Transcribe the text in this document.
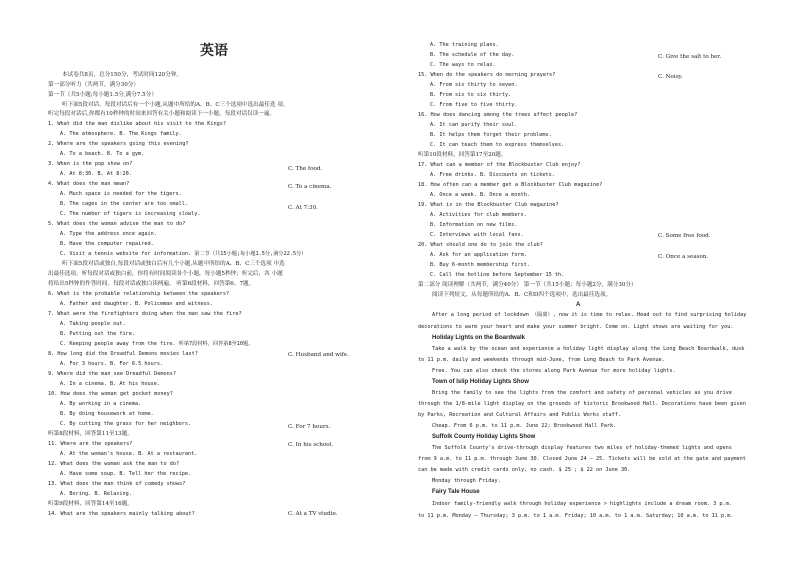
英语
本试卷共8页，总分150分，考试时间120分钟。
第一部分听力（共两节，满分30分）
第一节（共5小题;每小题1.5分,满分7.5分）
听下面5段对话。每段对话后有一个小题,从题中所给的A、B、C三个选项中选出最佳选 项。
听完每段对话后,你都有10秒钟的时间来回答有关小题和阅读下一小题。每段对话仅读一遍。
1. What did the man dislike about his visit to the Kings?
A. The atmosphere. B. The Kings family.
2. Where are the speakers going this evening?
A. To a beach. B. To a gym.
3. When is the pop show on?
A. At 8:30. B. At 8:20.
4. What does the man mean?
A. Much space is needed for the tigers.
B. The cages in the center are too small.
C. The number of tigers is increasing slowly.
5. What does the woman advise the man to do?
A. Type the address once again.
B. Have the computer repaired.
C. Visit a tennis website for information. 第二节（共15小题;每小题1.5分,满分22.5分）
听下面5段对话或独白,每段对话或独白后有几个小题,从题中所给的A、B、C三个选项 中选
出最佳选项。听每段对话或独白前，你将有时间阅读各个小题，每小题5秒钟；听完后，各 小题
将给出5秒钟的作答时间。每段对话或独白读两遍。 听第6段材料，回答第6、7题。
6. What is the probable relationship between the speakers?
A. Father and daughter. B. Policeman and witness.
7. What were the firefighters doing when the man saw the fire?
A. Taking people out.
B. Putting out the fire.
C. Keeping people away from the fire. 听第7段材料，回答第8至10题。
8. How long did the Dreadful Demons movies last?
A. For 3 hours. B. For 6.5 hours.
9. Where did the man see Dreadful Demons?
A. In a cinema. B. At his house.
10. How does the woman get pocket money?
A. By working in a cinema.
B. By doing housework at home.
C. By cutting the grass for her neighbors.
听第8段材料，回答第11至13题。
11. Where are the speakers?
A. At the woman's house. B. At a restaurant.
12. What does the woman ask the man to do?
A. Have some soup. B. Tell her the recipe.
13. What does the man think of comedy shows?
A. Boring. B. Relaxing.
听第9段材料，回答第14至16题。
14. What are the speakers mainly talking about?
C. The food.
C. To a cinema.
C. At 7:30.
C. Husband and wife.
C. For 7 hours.
C. In his school.
C. At a TV studio.
A. The training plans.
B. The schedule of the day.
C. The ways to relax.
15. When do the speakers do morning prayers?
A. From six thirty to seven.
B. From six to six thirty.
C. From five to five thirty.
16. How does dancing among the trees affect people?
A. It can purify their soul.
B. It helps them forget their problems.
C. It can teach them to express themselves.
听第10段材料，回答第17至20题。
17. What can a member of the Blockbuster Club enjoy?
A. Free drinks. B. Discounts on tickets.
18. How often can a member get a Blockbuster Club magazine?
A. Once a week. B. Once a month.
19. What is in the Blockbuster Club magazine?
A. Activities for club members.
B. Information on new films.
C. Interviews with local fans.
20. What should one do to join the club?
A. Ask for an application form.
B. Buy 6-month membership first.
C. Call the hotline before September 15 th.
第二部分 阅读理解（共两节，满分40分） 第一节（共15小题；每小题2分，满分30分）
阅读下列短文，从每题所给的A、B、C和D四个选项中，选出最佳选项。
C. Give the salt to her.
C. Noisy.
C. Some free food.
C. Once a season.
A
After a long period of lockdown （隔离）, now it is time to relax. Head out to find surprising holiday
decorations to warm your heart and make your summer bright. Come on. Light shows are waiting for you.
Holiday Lights on the Boardwalk
Take a walk by the ocean and experience a holiday light display along the Long Beach Boardwalk, dusk
to 11 p.m. daily and weekends through mid-June, from Long Beach to Park Avenue.
Free. You can also check the stores along Park Avenue for more holiday lights.
Town of Islip Holiday Lights Show
Bring the family to see the lights from the comfort and safety of personal vehicles as you drive
through the 1/8-mile light display on the grounds of historic Brookwood Hall. Decorations have been given
by Parks, Recreation and Cultural Affairs and Public Works staff.
Cheap. From 6 p.m. to 11 p.m. June 22; Brookwood Hall Park.
Suffolk County Holiday Lights Show
The Suffolk County's drive-through display features two miles of holiday-themed lights and opens
from 9 a.m. to 11 p.m. through June 30. Closed June 24 — 25. Tickets will be sold at the gate and payment
can be made with credit cards only, no cash. $ 25 ; $ 22 on June 30.
Monday through Friday.
Fairy Tale House
Indoor family-friendly walk through holiday experience > highlights include a dream room. 3 p.m.
to 11 p.m. Monday — Thursday; 3 p.m. to 1 a.m. Friday; 10 a.m. to 1 a.m. Saturday; 10 a.m. to 11 p.m.
